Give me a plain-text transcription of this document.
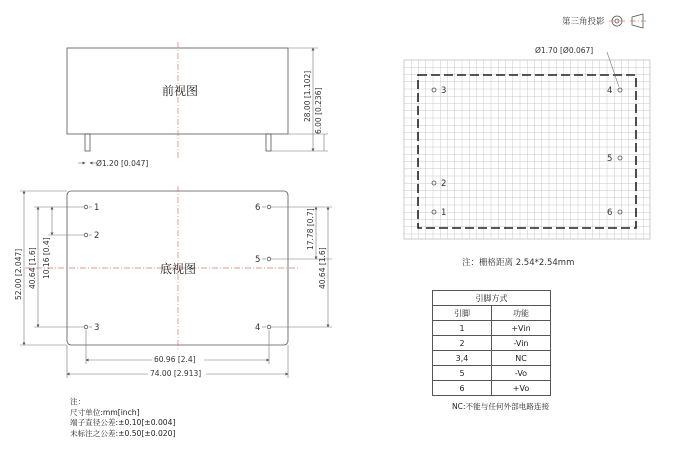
第三角投影
前视图
Ø1.20 [0.047]
28.00 [1.102] 6.00 [0.236]
底视图
1
2
3	4
5
6
52.00 [2.047] 40.64 [1.6] 10.16 [0.4]
17.78 [0.7]
40.64 [1.6]
60.96 [2.4]
74.00 [2.913]
3	4
5
2
1	6
Ø1.70 [Ø0.067]
注：栅格距离 2.54*2.54mm
引脚方式	
引脚	功能
1	+Vin
2	-Vin
3,4	NC
5	-Vo
6	+Vo
NC:不能与任何外部电路连接
注：
尺寸单位:mm[inch]
端子直径公差:±0.10[±0.004]
未标注之公差:±0.50[±0.020]
